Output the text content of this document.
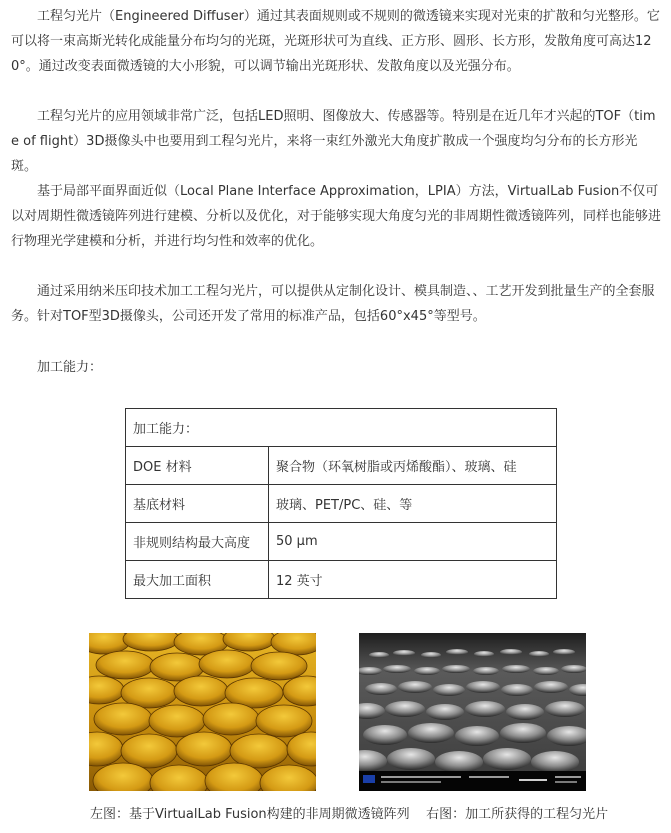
工程匀光片（Engineered Diffuser）通过其表面规则或不规则的微透镜来实现对光束的扩散和匀光整形。它可以将一束高斯光转化成能量分布均匀的光斑，光斑形状可为直线、正方形、圆形、长方形，发散角度可高达120°。通过改变表面微透镜的大小形貌，可以调节输出光斑形状、发散角度以及光强分布。

工程匀光片的应用领域非常广泛，包括LED照明、图像放大、传感器等。特别是在近几年才兴起的TOF（time of flight）3D摄像头中也要用到工程匀光片，来将一束红外激光大角度扩散成一个强度均匀分布的长方形光斑。

基于局部平面界面近似（Local Plane Interface Approximation，LPIA）方法，VirtualLab Fusion不仅可以对周期性微透镜阵列进行建模、分析以及优化，对于能够实现大角度匀光的非周期性微透镜阵列，同样也能够进行物理光学建模和分析，并进行均匀性和效率的优化。

通过采用纳米压印技术加工工程匀光片，可以提供从定制化设计、模具制造、、工艺开发到批量生产的全套服务。针对TOF型3D摄像头，公司还开发了常用的标准产品，包括60°x45°等型号。

加工能力：
加工能力：	
DOE 材料	聚合物（环氧树脂或丙烯酸酯）、玻璃、硅
基底材料	玻璃、PET/PC、硅、等
非规则结构最大高度	50 μm
最大加工面积	12 英寸
左图：基于VirtualLab Fusion构建的非周期微透镜阵列    右图：加工所获得的工程匀光片
